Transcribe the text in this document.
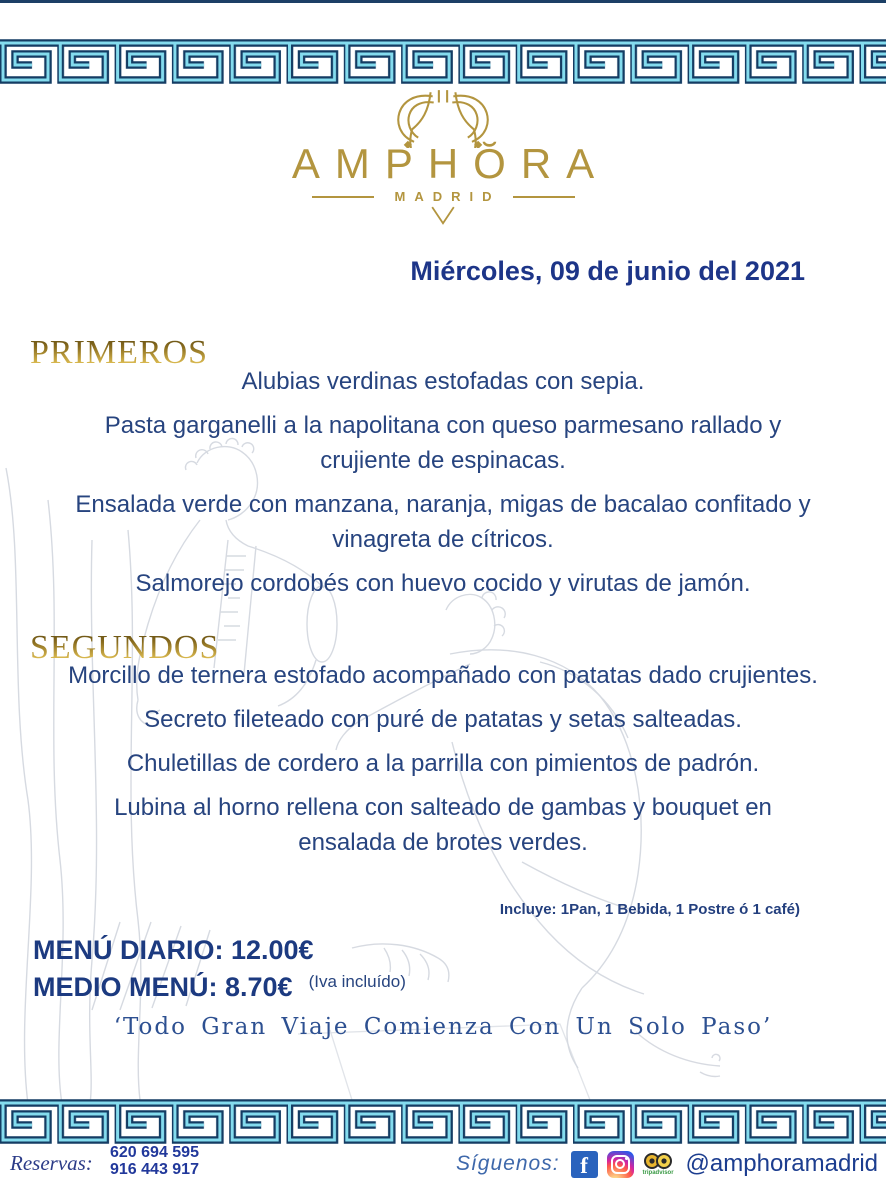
AMPHŎRA
MADRID
Miércoles, 09 de junio del 2021
PRIMEROS

Alubias verdinas estofadas con sepia.

Pasta garganelli a la napolitana con queso parmesano rallado y
crujiente de espinacas.

Ensalada verde con manzana, naranja, migas de bacalao confitado y
vinagreta de cítricos.

Salmorejo cordobés con huevo cocido y virutas de jamón.

SEGUNDOS

Morcillo de ternera estofado acompañado con patatas dado crujientes.

Secreto fileteado con puré de patatas y setas salteadas.

Chuletillas de cordero a la parrilla con pimientos de padrón.

Lubina al horno rellena con salteado de gambas y bouquet en
ensalada de brotes verdes.

Incluye: 1Pan, 1 Bebida, 1 Postre ó 1 café)
MENÚ DIARIO: 12.00€
MEDIO MENÚ: 8.70€ $^{(Iva incluído)}$
‘Todo Gran Viaje Comienza Con Un Solo Paso’
Reservas: 620 694 595
916 443 917	Síguenos: f	tripadvisor @amphoramadrid
